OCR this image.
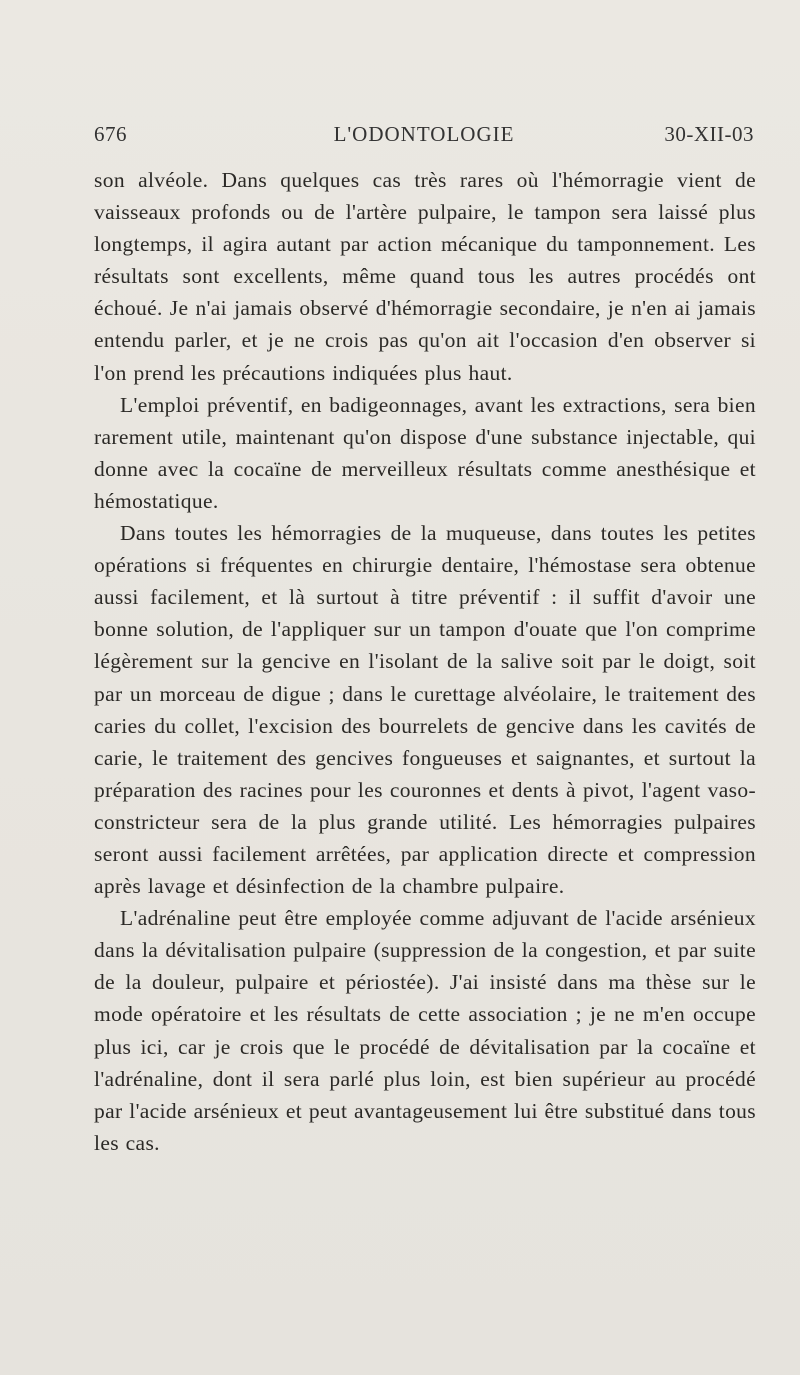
676	L'ODONTOLOGIE	30-XII-03

son alvéole. Dans quelques cas très rares où l'hémorragie vient de vaisseaux profonds ou de l'artère pulpaire, le tampon sera laissé plus longtemps, il agira autant par action mécanique du tamponnement. Les résultats sont excellents, même quand tous les autres procédés ont échoué. Je n'ai jamais observé d'hémorragie secondaire, je n'en ai jamais entendu parler, et je ne crois pas qu'on ait l'occasion d'en observer si l'on prend les précautions indiquées plus haut.

L'emploi préventif, en badigeonnages, avant les extractions, sera bien rarement utile, maintenant qu'on dispose d'une substance injectable, qui donne avec la cocaïne de merveilleux résultats comme anesthésique et hémostatique.

Dans toutes les hémorragies de la muqueuse, dans toutes les petites opérations si fréquentes en chirurgie dentaire, l'hémostase sera obtenue aussi facilement, et là surtout à titre préventif : il suffit d'avoir une bonne solution, de l'appliquer sur un tampon d'ouate que l'on comprime légèrement sur la gencive en l'isolant de la salive soit par le doigt, soit par un morceau de digue ; dans le curettage alvéolaire, le traitement des caries du collet, l'excision des bourrelets de gencive dans les cavités de carie, le traitement des gencives fongueuses et saignantes, et surtout la préparation des racines pour les couronnes et dents à pivot, l'agent vaso-constricteur sera de la plus grande utilité. Les hémorragies pulpaires seront aussi facilement arrêtées, par application directe et compression après lavage et désinfection de la chambre pulpaire.

L'adrénaline peut être employée comme adjuvant de l'acide arsénieux dans la dévitalisation pulpaire (suppression de la congestion, et par suite de la douleur, pulpaire et périostée). J'ai insisté dans ma thèse sur le mode opératoire et les résultats de cette association ; je ne m'en occupe plus ici, car je crois que le procédé de dévitalisation par la cocaïne et l'adrénaline, dont il sera parlé plus loin, est bien supérieur au procédé par l'acide arsénieux et peut avantageusement lui être substitué dans tous les cas.
